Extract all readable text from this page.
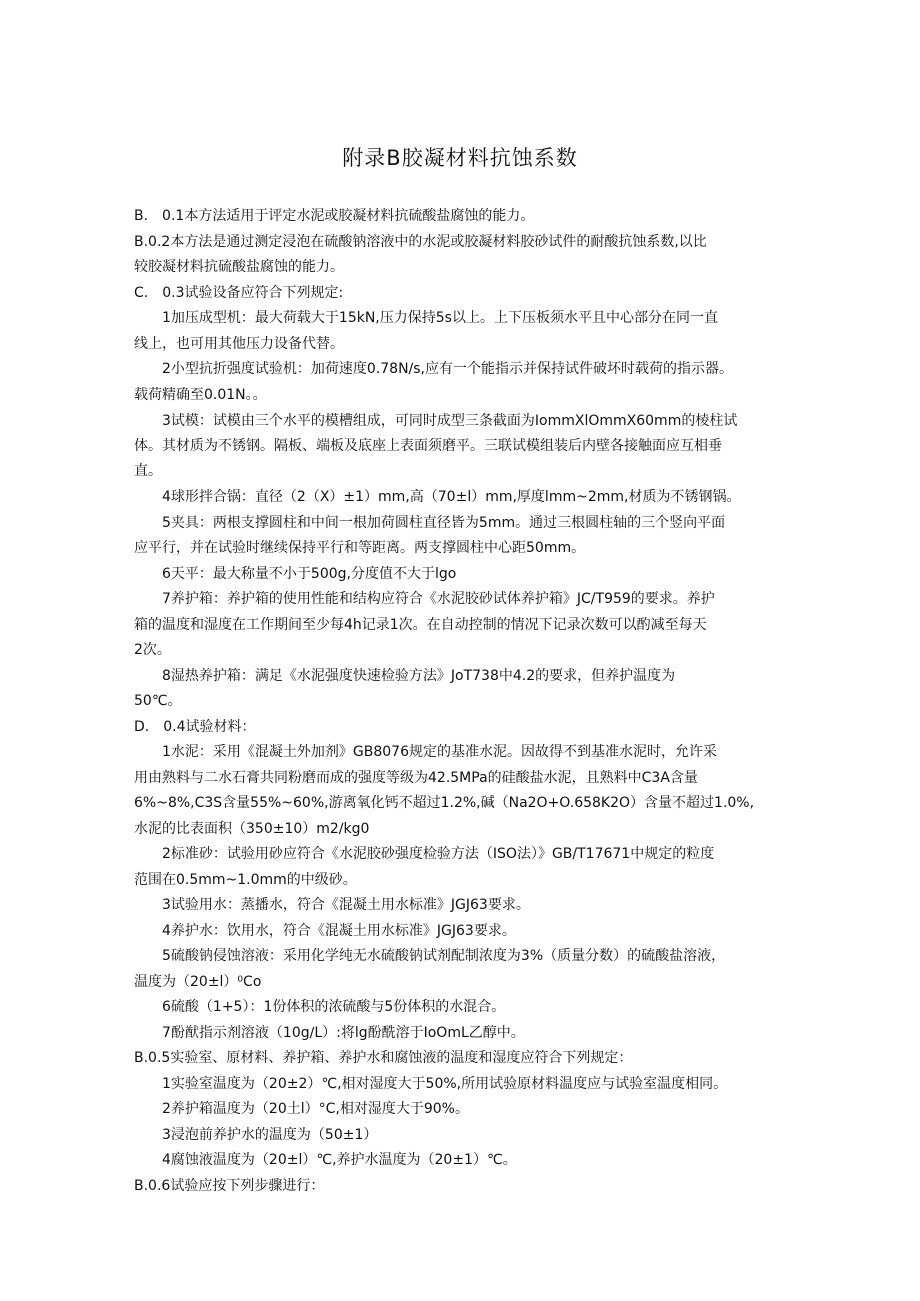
附录B胶凝材料抗蚀系数
B.　0.1本方法适用于评定水泥或胶凝材料抗硫酸盐腐蚀的能力。
B.0.2本方法是通过测定浸泡在硫酸钠溶液中的水泥或胶凝材料胶砂试件的耐酸抗蚀系数,以比
较胶凝材料抗硫酸盐腐蚀的能力。
C.　0.3试验设备应符合下列规定:
1加压成型机：最大荷载大于15kN,压力保持5s以上。上下压板须水平且中心部分在同一直
线上，也可用其他压力设备代替。
2小型抗折强度试验机：加荷速度0.78N∕s,应有一个能指示并保持试件破坏时载荷的指示器。
载荷精确至0.01N。。
3试模：试模由三个水平的模槽组成，可同时成型三条截面为IommXlOmmX60mm的棱柱试
体。其材质为不锈钢。隔板、端板及底座上表面须磨平。三联试模组装后内壁各接触面应互相垂
直。
4球形拌合锅：直径（2（X）±1）mm,高（70±l）mm,厚度lmm~2mm,材质为不锈钢锅。
5夹具：两根支撑圆柱和中间一根加荷圆柱直径皆为5mm。通过三根圆柱轴的三个竖向平面
应平行，并在试验时继续保持平行和等距离。两支撑圆柱中心距50mm。
6天平：最大称量不小于500g,分度值不大于lgo
7养护箱：养护箱的使用性能和结构应符合《水泥胶砂试体养护箱》JC/T959的要求。养护
箱的温度和湿度在工作期间至少每4h记录1次。在自动控制的情况下记录次数可以酌减至每天
2次。
8湿热养护箱：满足《水泥强度快速检验方法》JoT738中4.2的要求，但养护温度为
50℃。
D.　0.4试验材料：
1水泥：采用《混凝土外加剂》GB8076规定的基准水泥。因故得不到基准水泥时，允许采
用由熟料与二水石膏共同粉磨而成的强度等级为42.5MPa的硅酸盐水泥，且熟料中C3A含量
6%~8%,C3S含量55%~60%,游离氧化钙不超过1.2%,碱（Na2O+O.658K2O）含量不超过1.0%,
水泥的比表面积（350±10）m2∕kg0
2标准砂：试验用砂应符合《水泥胶砂强度检验方法（ISO法）》GB/T17671中规定的粒度
范围在0.5mm~1.0mm的中级砂。
3试验用水：蒸播水，符合《混凝土用水标准》JGJ63要求。
4养护水：饮用水，符合《混凝土用水标准》JGJ63要求。
5硫酸钠侵蚀溶液：采用化学纯无水硫酸钠试剂配制浓度为3%（质量分数）的硫酸盐溶液，
温度为（20±l）⁰Co
6硫酸（1+5）：1份体积的浓硫酸与5份体积的水混合。
7酚猷指示剂溶液（10g∕L）:将lg酚酰溶于IoOmL乙醇中。
B.0.5实验室、原材料、养护箱、养护水和腐蚀液的温度和湿度应符合下列规定：
1实验室温度为（20±2）℃,相对湿度大于50%,所用试验原材料温度应与试验室温度相同。
2养护箱温度为（20土l）°C,相对湿度大于90%。
3浸泡前养护水的温度为（50±1）
4腐蚀液温度为（20±l）℃,养护水温度为（20±1）℃。
B.0.6试验应按下列步骤进行：
